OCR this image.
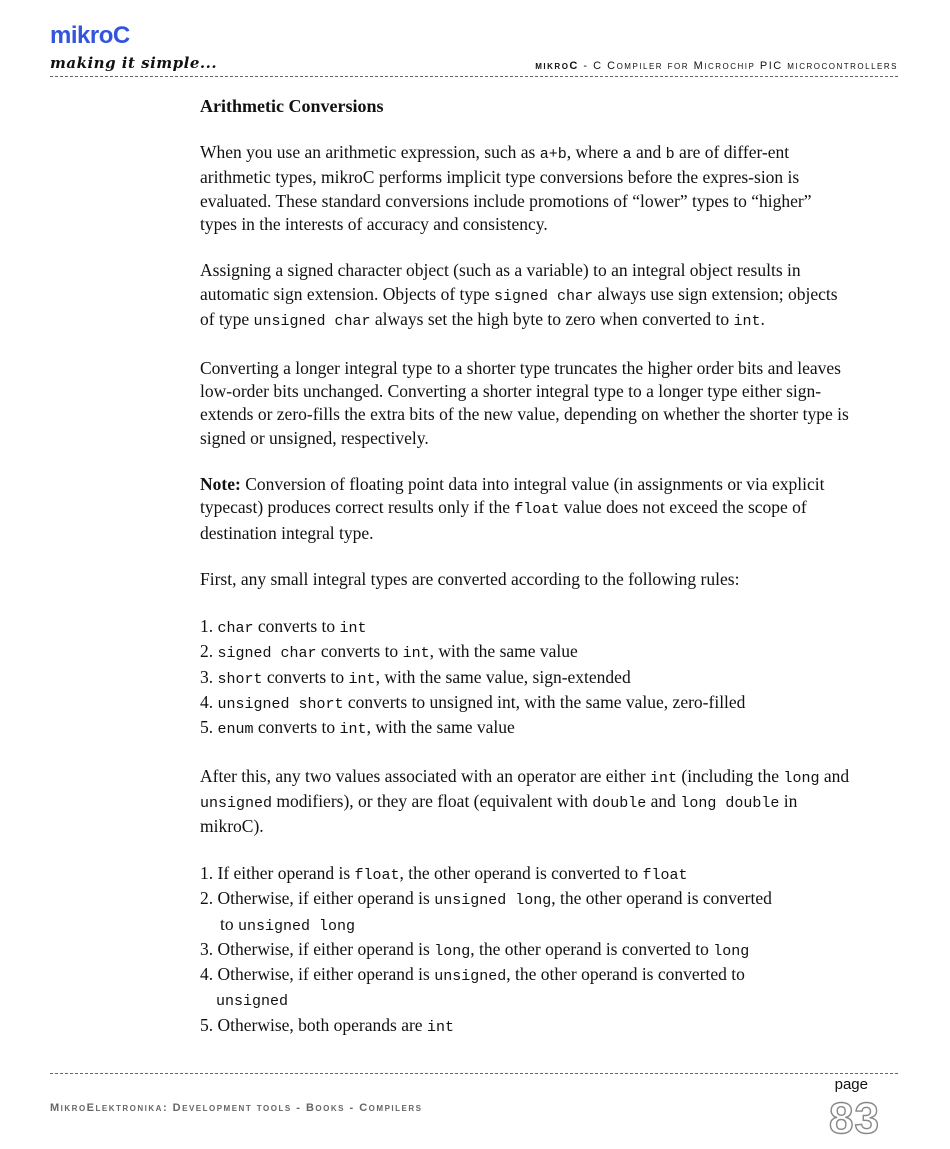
mikroC
making it simple...	mikroC - C Compiler for Microchip PIC microcontrollers
Arithmetic Conversions

When you use an arithmetic expression, such as a+b, where a and b are of differ-ent arithmetic types, mikroC performs implicit type conversions before the expres-sion is evaluated. These standard conversions include promotions of “lower” types to “higher” types in the interests of accuracy and consistency.

Assigning a signed character object (such as a variable) to an integral object results in automatic sign extension. Objects of type signed char always use sign extension; objects of type unsigned char always set the high byte to zero when converted to int.

Converting a longer integral type to a shorter type truncates the higher order bits and leaves low-order bits unchanged. Converting a shorter integral type to a longer type either sign-extends or zero-fills the extra bits of the new value, depending on whether the shorter type is signed or unsigned, respectively.

Note: Conversion of floating point data into integral value (in assignments or via explicit typecast) produces correct results only if the float value does not exceed the scope of destination integral type.

First, any small integral types are converted according to the following rules:

1. char converts to int
2. signed char converts to int, with the same value
3. short converts to int, with the same value, sign-extended
4. unsigned short converts to unsigned int, with the same value, zero-filled
5. enum converts to int, with the same value

After this, any two values associated with an operator are either int (including the long and unsigned modifiers), or they are float (equivalent with double and long double in mikroC).

1. If either operand is float, the other operand is converted to float
2. Otherwise, if either operand is unsigned long, the other operand is converted
to unsigned long
3. Otherwise, if either operand is long, the other operand is converted to long
4. Otherwise, if either operand is unsigned, the other operand is converted to
unsigned
5. Otherwise, both operands are int
MikroElektronika: Development tools - Books - Compilers
page
83
